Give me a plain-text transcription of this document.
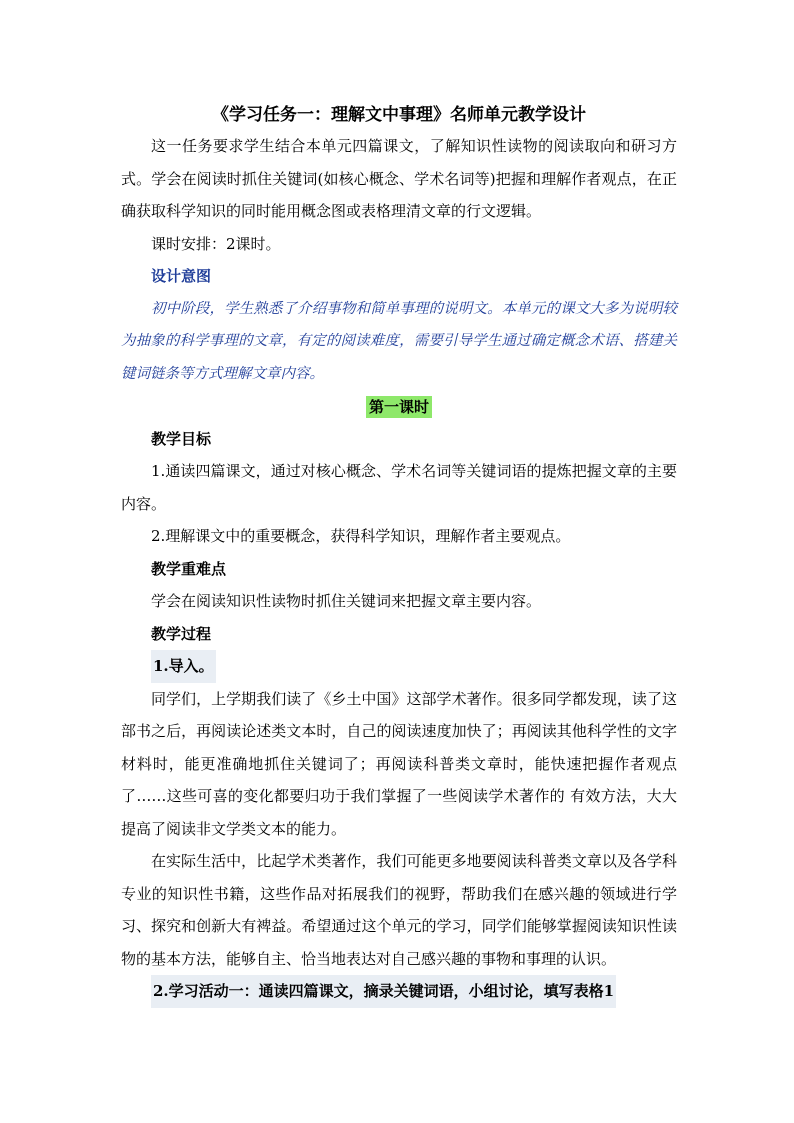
《学习任务一：理解文中事理》名师单元教学设计

这一任务要求学生结合本单元四篇课文，了解知识性读物的阅读取向和研习方式。学会在阅读时抓住关键词(如核心概念、学术名词等)把握和理解作者观点，在正确获取科学知识的同时能用概念图或表格理清文章的行文逻辑。

课时安排：2课时。

设计意图

初中阶段，学生熟悉了介绍事物和简单事理的说明文。本单元的课文大多为说明较为抽象的科学事理的文章，有定的阅读难度，需要引导学生通过确定概念术语、搭建关键词链条等方式理解文章内容。

第一课时

教学目标

1.通读四篇课文，通过对核心概念、学术名词等关键词语的提炼把握文章的主要内容。

2.理解课文中的重要概念，获得科学知识，理解作者主要观点。

教学重难点

学会在阅读知识性读物时抓住关键词来把握文章主要内容。

教学过程

1.导入。

同学们，上学期我们读了《乡土中国》这部学术著作。很多同学都发现，读了这部书之后，再阅读论述类文本时，自己的阅读速度加快了；再阅读其他科学性的文字材料时，能更准确地抓住关键词了；再阅读科普类文章时，能快速把握作者观点了……这些可喜的变化都要归功于我们掌握了一些阅读学术著作的 有效方法，大大提高了阅读非文学类文本的能力。

在实际生活中，比起学术类著作，我们可能更多地要阅读科普类文章以及各学科专业的知识性书籍，这些作品对拓展我们的视野，帮助我们在感兴趣的领域进行学习、探究和创新大有裨益。希望通过这个单元的学习，同学们能够掌握阅读知识性读物的基本方法，能够自主、恰当地表达对自己感兴趣的事物和事理的认识。

2.学习活动一：通读四篇课文，摘录关键词语，小组讨论，填写表格1
